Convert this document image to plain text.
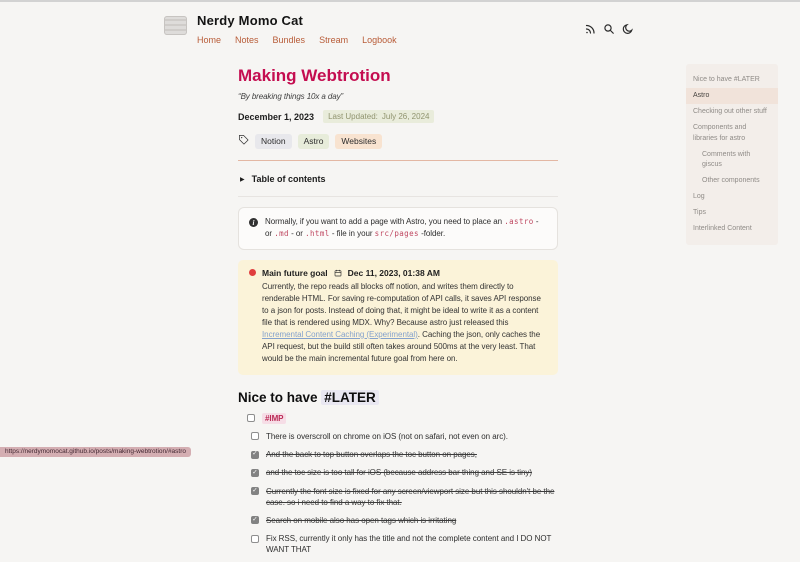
Nerdy Momo Cat
Home Notes Bundles Stream Logbook
Making Webtrotion

“By breaking things 10x a day”

December 1, 2023 Last Updated: July 26, 2024
Notion	Astro	Websites
▶ Table of contents
i	Normally, if you want to add a page with Astro, you need to place an .astro - or .md - or .html - file in your src/pages -folder.

Main future goal Dec 11, 2023, 01:38 AM

Currently, the repo reads all blocks off notion, and writes them directly to renderable HTML. For saving re-computation of API calls, it saves API response to a json for posts. Instead of doing that, it might be ideal to write it as a content file that is rendered using MDX. Why? Because astro just released this Incremental Content Caching (Experimental). Caching the json, only caches the API request, but the build still often takes around 500ms at the very least. That would be the main incremental future goal from here on.

Nice to have #LATER
#IMP
There is overscroll on chrome on iOS (not on safari, not even on arc).
✓
And the back to top button overlaps the toc button on pages,
✓
and the toc size is too tall for iOS (because address bar thing and SE is tiny)
✓
Currently the font size is fixed for any screen/viewport size but this shouldn't be the case. so i need to find a way to fix that.
✓
Search on mobile also has open tags which is irritating
Fix RSS, currently it only has the title and not the complete content and I DO NOT WANT THAT
Nice to have #LATER
Astro
Checking out other stuff
Components and libraries for astro
Comments with giscus
Other components
Log
Tips
Interlinked Content
https://nerdymomocat.github.io/posts/making-webtrotion/#astro
